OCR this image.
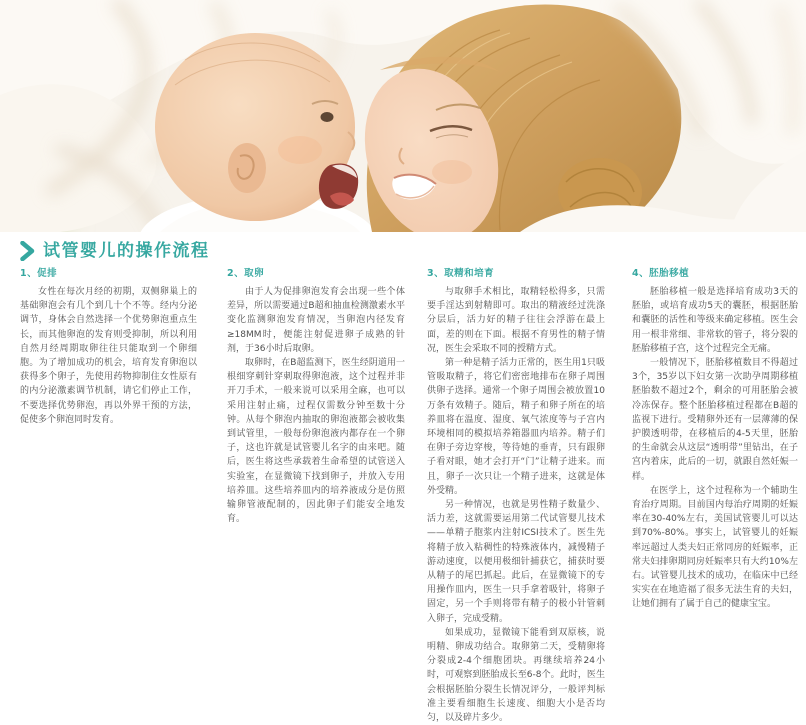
试管婴儿的操作流程
1、促排

女性在每次月经的初期，双侧卵巢上的基础卵泡会有几个到几十个不等。经内分泌调节，身体会自然选择一个优势卵泡重点生长，而其他卵泡的发育则受抑制，所以利用自然月经周期取卵往往只能取到一个卵细胞。为了增加成功的机会，培育发育卵泡以获得多个卵子，先使用药物抑制住女性原有的内分泌激素调节机制，请它们停止工作，不要选择优势卵泡，再以外界干预的方法，促使多个卵泡同时发育。

2、取卵

由于人为促排卵泡发育会出现一些个体差异，所以需要通过B超和抽血检测激素水平变化监测卵泡发育情况，当卵泡内径发育≥18MM时，便能注射促进卵子成熟的针剂，于36小时后取卵。

取卵时，在B超监测下，医生经阴道用一根细穿刺针穿刺取得卵泡液，这个过程并非开刀手术，一般来说可以采用全麻，也可以采用注射止痛，过程仅需数分钟至数十分钟。从每个卵泡内抽取的卵泡液都会被收集到试管里，一般每份卵泡液内都存在一个卵子，这也许就是试管婴儿名字的由来吧。随后，医生将这些承载着生命希望的试管送入实验室，在显微镜下找到卵子，并放入专用培养皿。这些培养皿内的培养液成分是仿照输卵管液配制的，因此卵子们能安全地发育。

3、取精和培育

与取卵手术相比，取精轻松得多，只需要手淫达到射精即可。取出的精液经过洗涤分层后，活力好的精子往往会浮游在最上面，差的则在下面。根据不育男性的精子情况，医生会采取不同的授精方式。

第一种是精子活力正常的，医生用1只吸管吸取精子，将它们密密地排布在卵子周围供卵子选择。通常一个卵子周围会被放置10万条有效精子。随后，精子和卵子所在的培养皿将在温度、湿度、氧气浓度等与子宫内环境相同的模拟培养箱器皿内培养。精子们在卵子旁边穿梭，等待她的垂青，只有跟卵子看对眼，她才会打开“门”让精子进来。而且，卵子一次只让一个精子进来，这就是体外受精。

另一种情况，也就是男性精子数量少、活力差，这就需要运用第二代试管婴儿技术——单精子胞浆内注射ICSI技术了。医生先将精子放入粘稠性的特殊液体内，减慢精子游动速度，以便用极细针捕获它，捕获时要从精子的尾巴抓起。此后，在显微镜下的专用操作皿内，医生一只手拿着吸针，将卵子固定，另一个手则将带有精子的极小针管刺入卵子，完成受精。

如果成功，显微镜下能看到双原核，说明精、卵成功结合。取卵第二天，受精卵将分裂成2-4个细胞团块。再继续培养24小时，可观察到胚胎成长至6-8个。此时，医生会根据胚胎分裂生长情况评分，一般评判标准主要看细胞生长速度、细胞大小是否均匀，以及碎片多少。

4、胚胎移植

胚胎移植一般是选择培育成功3天的胚胎，或培育成功5天的囊胚，根据胚胎和囊胚的活性和等级来确定移植。医生会用一根非常细、非常软的管子，将分裂的胚胎移植子宫，这个过程完全无痛。

一般情况下，胚胎移植数目不得超过3个，35岁以下妇女第一次助孕周期移植胚胎数不超过2个，剩余的可用胚胎会被冷冻保存。整个胚胎移植过程都在B超的监视下进行。受精卵外还有一层薄薄的保护膜透明带，在移植后的4-5天里，胚胎的生命就会从这层“透明带”里钻出，在子宫内着床，此后的一切，就跟自然妊娠一样。

在医学上，这个过程称为一个辅助生育治疗周期。目前国内每治疗周期的妊娠率在30-40%左右，美国试管婴儿可以达到70%-80%。事实上，试管婴儿的妊娠率远超过人类夫妇正常同房的妊娠率，正常夫妇排卵期同房妊娠率只有大约10%左右。试管婴儿技术的成功，在临床中已经实实在在地造福了很多无法生育的夫妇，让她们拥有了属于自己的健康宝宝。
